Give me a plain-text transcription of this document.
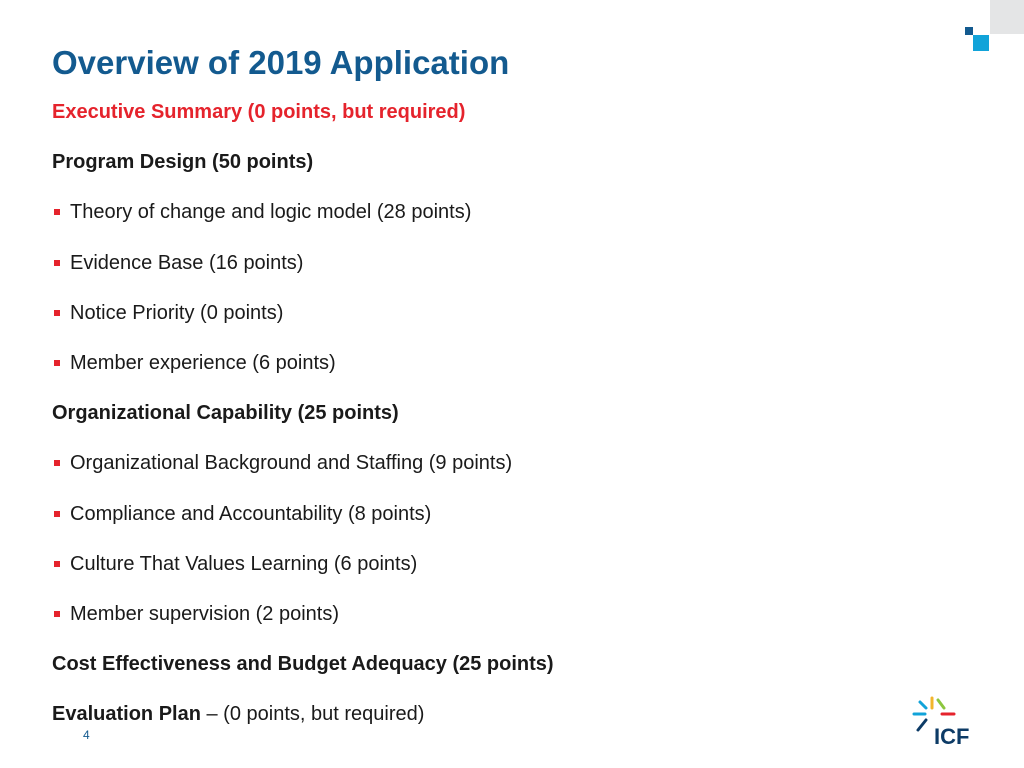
Overview of 2019 Application
Executive Summary (0 points, but required)
Program Design (50 points)
Theory of change and logic model (28 points)
Evidence Base (16 points)
Notice Priority (0 points)
Member experience (6 points)
Organizational Capability (25 points)
Organizational Background and Staffing (9 points)
Compliance and Accountability (8 points)
Culture That Values Learning (6 points)
Member supervision (2 points)
Cost Effectiveness and Budget Adequacy (25 points)
Evaluation Plan – (0 points, but required)
4	ICF
